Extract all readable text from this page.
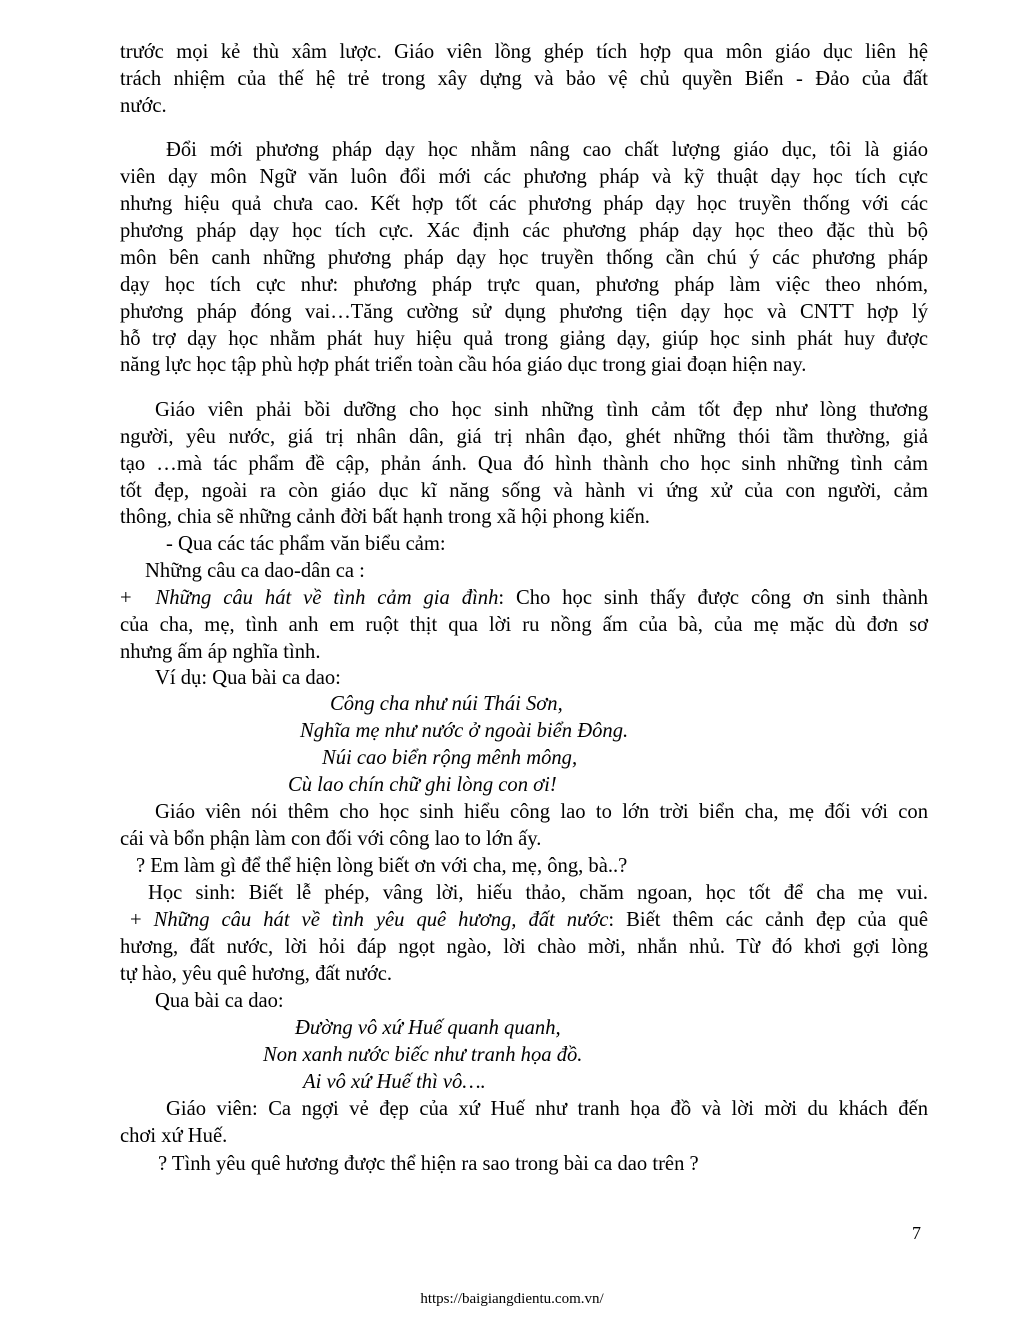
trước mọi kẻ thù xâm lược. Giáo viên lồng ghép tích hợp qua môn giáo dục liên hệ
trách nhiệm của thế hệ trẻ trong xây dựng và bảo vệ chủ quyền Biển - Đảo của đất
nước.
Đổi mới phương pháp dạy học nhằm nâng cao chất lượng giáo dục, tôi là giáo
viên dạy môn Ngữ văn luôn đổi mới các phương pháp và kỹ thuật dạy học tích cực
nhưng hiệu quả chưa cao. Kết hợp tốt các phương pháp dạy học truyền thống với các
phương pháp dạy học tích cực. Xác định các phương pháp dạy học theo đặc thù bộ
môn bên canh những phương pháp dạy học truyền thống cần chú ý các phương pháp
dạy học tích cực như: phương pháp trực quan, phương pháp làm việc theo nhóm,
phương pháp đóng vai…Tăng cường sử dụng phương tiện dạy học và CNTT hợp lý
hỗ trợ dạy học nhằm phát huy hiệu quả trong giảng dạy, giúp học sinh phát huy được
năng lực học tập phù hợp phát triển toàn cầu hóa giáo dục trong giai đoạn hiện nay.
Giáo viên phải bồi dưỡng cho học sinh những tình cảm tốt đẹp như lòng thương
người, yêu nước, giá trị nhân dân, giá trị nhân đạo, ghét những thói tầm thường, giả
tạo …mà tác phẩm đề cập, phản ánh. Qua đó hình thành cho học sinh những tình cảm
tốt đẹp, ngoài ra còn giáo dục kĩ năng sống và hành vi ứng xử của con người, cảm
thông, chia sẽ những cảnh đời bất hạnh trong xã hội phong kiến.
- Qua các tác phẩm văn biểu cảm:
Những câu ca dao-dân ca :
+ Những câu hát về tình cảm gia đình: Cho học sinh thấy được công ơn sinh thành
của cha, mẹ, tình anh em ruột thịt qua lời ru nồng ấm của bà, của mẹ mặc dù đơn sơ
nhưng ấm áp nghĩa tình.
Ví dụ: Qua bài ca dao:
Công cha như núi Thái Sơn,
Nghĩa mẹ như nước ở ngoài biển Đông.
Núi cao biển rộng mênh mông,
Cù lao chín chữ ghi lòng con ơi!
Giáo viên nói thêm cho học sinh hiểu công lao to lớn trời biển cha, mẹ đối với con
cái và bổn phận làm con đối với công lao to lớn ấy.
? Em làm gì để thể hiện lòng biết ơn với cha, mẹ, ông, bà..?
Học sinh: Biết lễ phép, vâng lời, hiếu thảo, chăm ngoan, học tốt để cha mẹ vui.
+ Những câu hát về tình yêu quê hương, đất nước: Biết thêm các cảnh đẹp của quê
hương, đất nước, lời hỏi đáp ngọt ngào, lời chào mời, nhắn nhủ. Từ đó khơi gợi lòng
tự hào, yêu quê hương, đất nước.
Qua bài ca dao:
Đường vô xứ Huế quanh quanh,
Non xanh nước biếc như tranh họa đồ.
Ai vô xứ Huế thì vô….
Giáo viên: Ca ngợi vẻ đẹp của xứ Huế như tranh họa đồ và lời mời du khách đến
chơi xứ Huế.
? Tình yêu quê hương được thể hiện ra sao trong bài ca dao trên ?
7
https://baigiangdientu.com.vn/
